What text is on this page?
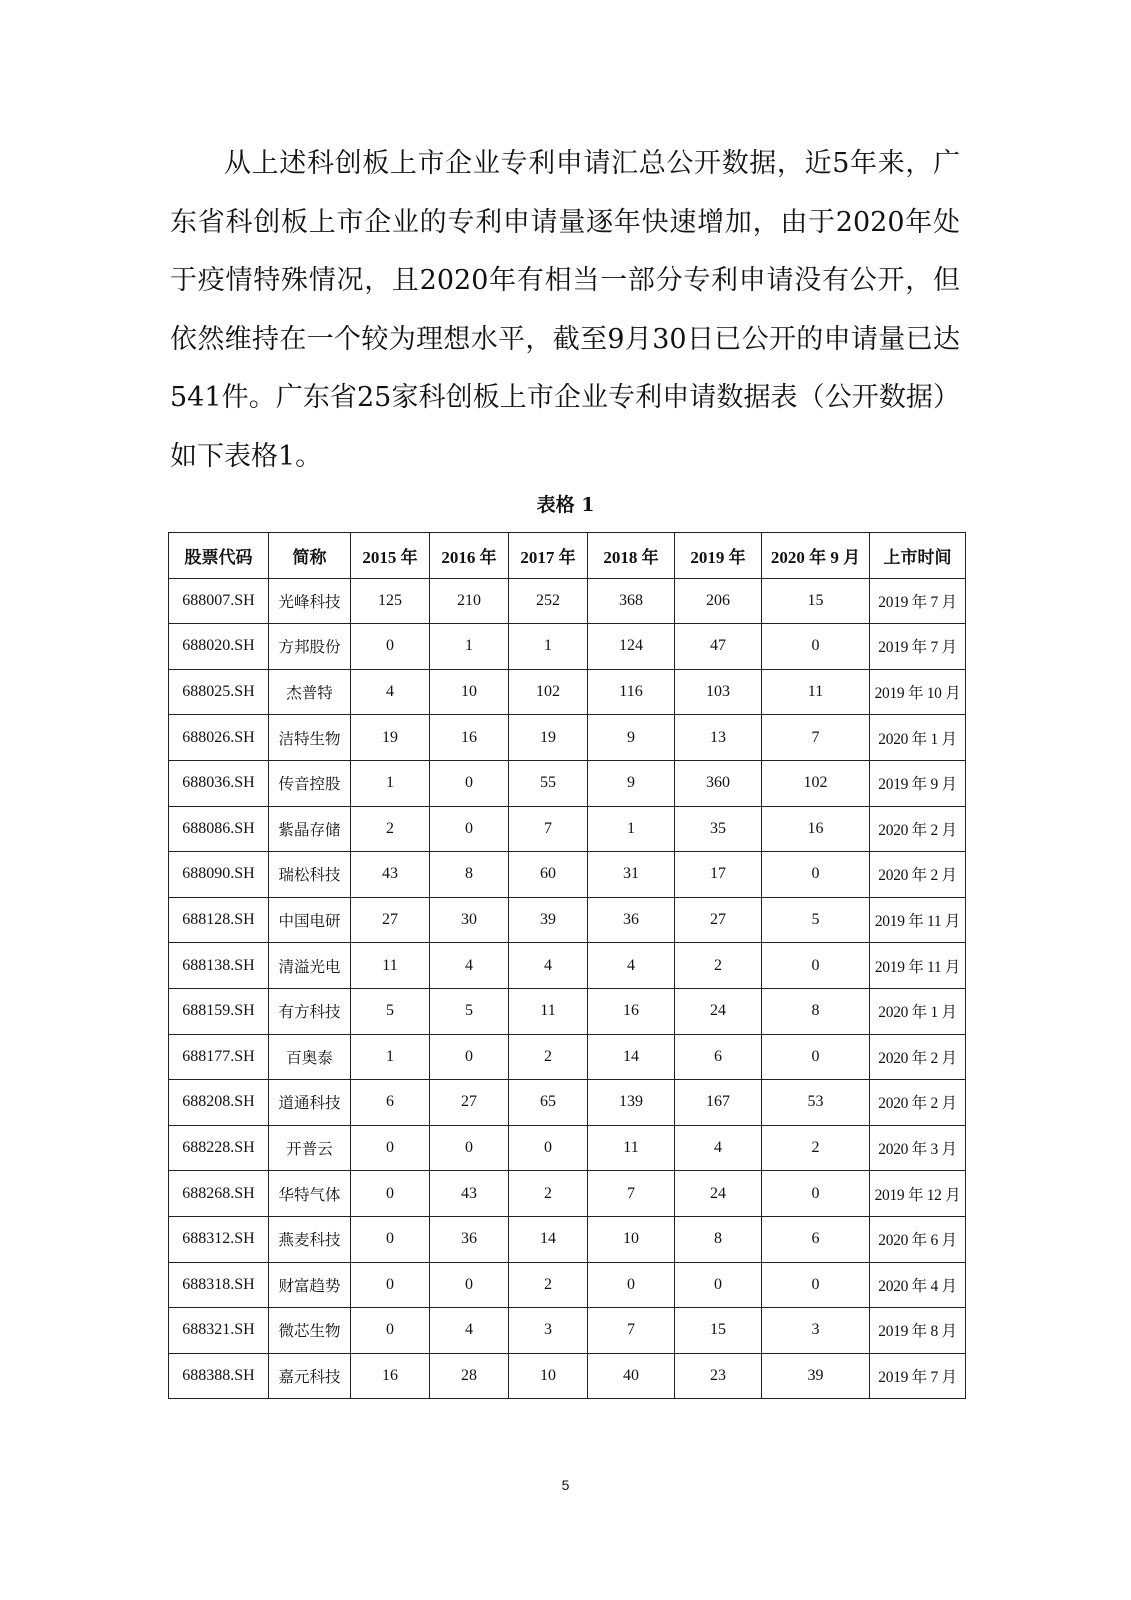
从上述科创板上市企业专利申请汇总公开数据，近5年来，广东省科创板上市企业的专利申请量逐年快速增加，由于2020年处于疫情特殊情况，且2020年有相当一部分专利申请没有公开，但依然维持在一个较为理想水平，截至9月30日已公开的申请量已达541件。广东省25家科创板上市企业专利申请数据表（公开数据）如下表格1。

表格 1
股票代码	简称	2015 年	2016 年	2017 年	2018 年	2019 年	2020 年 9 月	上市时间
688007.SH	光峰科技	125	210	252	368	206	15	2019 年 7 月
688020.SH	方邦股份	0	1	1	124	47	0	2019 年 7 月
688025.SH	杰普特	4	10	102	116	103	11	2019 年 10 月
688026.SH	洁特生物	19	16	19	9	13	7	2020 年 1 月
688036.SH	传音控股	1	0	55	9	360	102	2019 年 9 月
688086.SH	紫晶存储	2	0	7	1	35	16	2020 年 2 月
688090.SH	瑞松科技	43	8	60	31	17	0	2020 年 2 月
688128.SH	中国电研	27	30	39	36	27	5	2019 年 11 月
688138.SH	清溢光电	11	4	4	4	2	0	2019 年 11 月
688159.SH	有方科技	5	5	11	16	24	8	2020 年 1 月
688177.SH	百奥泰	1	0	2	14	6	0	2020 年 2 月
688208.SH	道通科技	6	27	65	139	167	53	2020 年 2 月
688228.SH	开普云	0	0	0	11	4	2	2020 年 3 月
688268.SH	华特气体	0	43	2	7	24	0	2019 年 12 月
688312.SH	燕麦科技	0	36	14	10	8	6	2020 年 6 月
688318.SH	财富趋势	0	0	2	0	0	0	2020 年 4 月
688321.SH	微芯生物	0	4	3	7	15	3	2019 年 8 月
688388.SH	嘉元科技	16	28	10	40	23	39	2019 年 7 月
5
